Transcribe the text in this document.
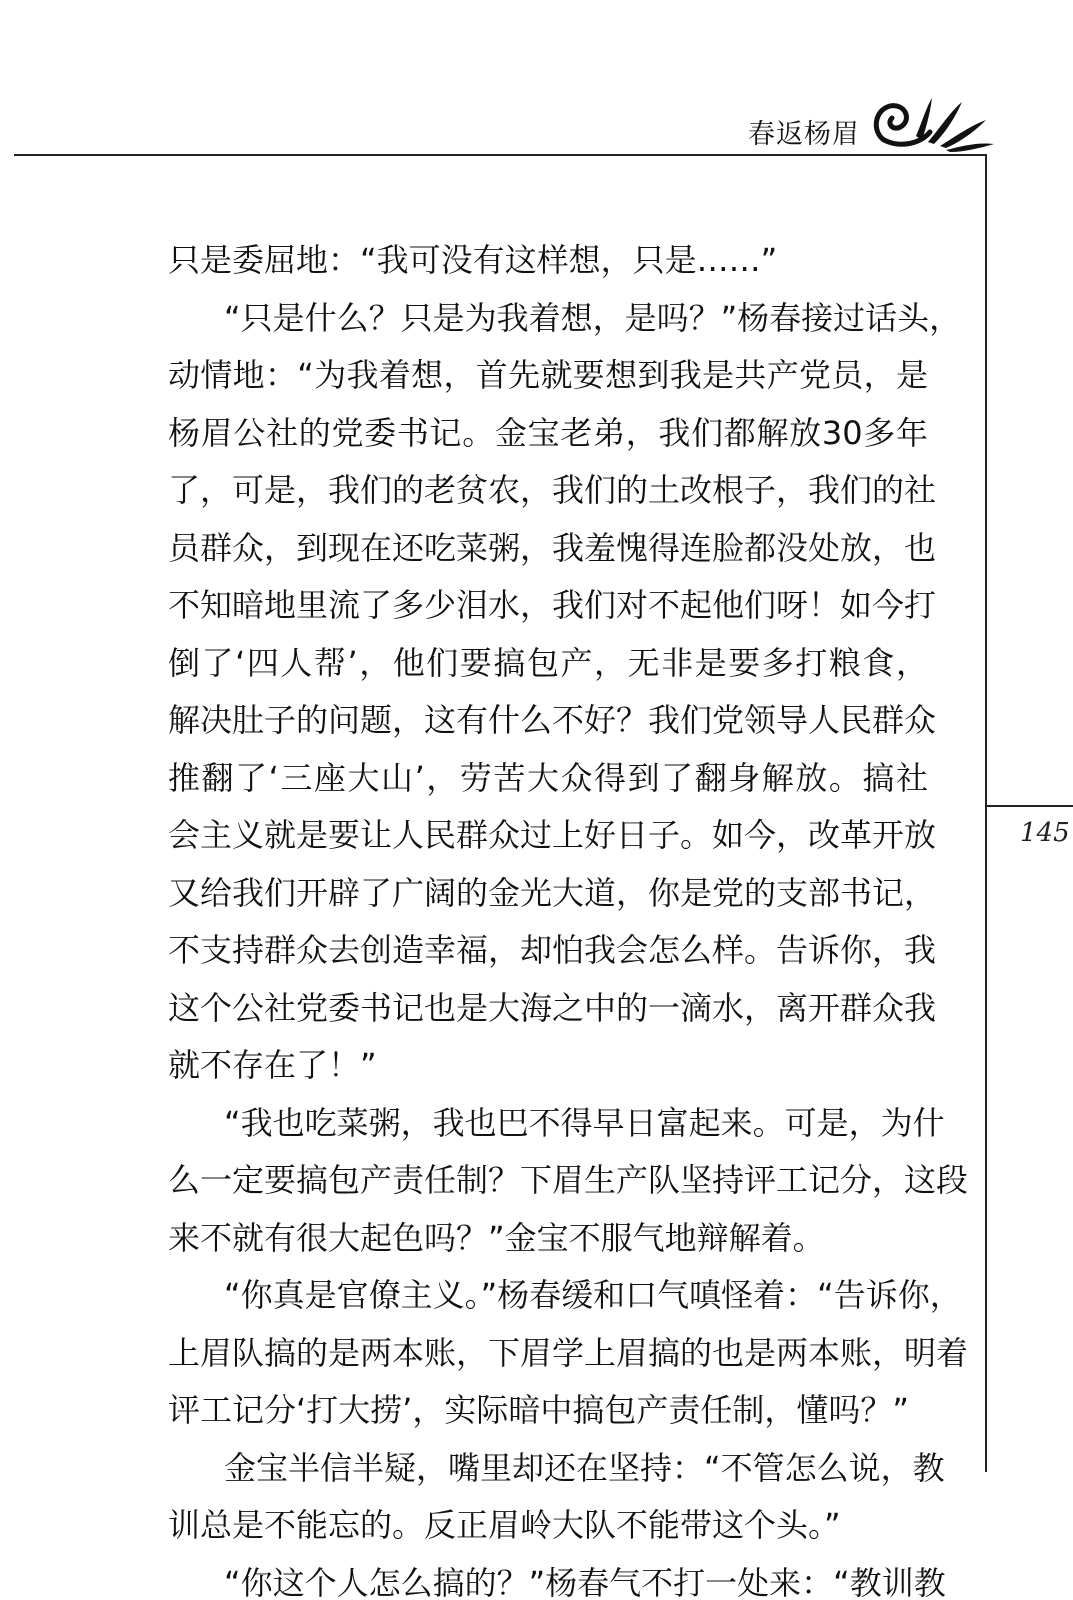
春返杨眉
145
只是委屈地：“我可没有这样想，只是……”
“只是什么？只是为我着想，是吗？”杨春接过话头，
动情地：“为我着想，首先就要想到我是共产党员，是
杨眉公社的党委书记。金宝老弟，我们都解放30多年
了，可是，我们的老贫农，我们的土改根子，我们的社
员群众，到现在还吃菜粥，我羞愧得连脸都没处放，也
不知暗地里流了多少泪水，我们对不起他们呀！如今打
倒了‘四人帮’，他们要搞包产，无非是要多打粮食，
解决肚子的问题，这有什么不好？我们党领导人民群众
推翻了‘三座大山’，劳苦大众得到了翻身解放。搞社
会主义就是要让人民群众过上好日子。如今，改革开放
又给我们开辟了广阔的金光大道，你是党的支部书记，
不支持群众去创造幸福，却怕我会怎么样。告诉你，我
这个公社党委书记也是大海之中的一滴水，离开群众我
就不存在了！”
“我也吃菜粥，我也巴不得早日富起来。可是，为什
么一定要搞包产责任制？下眉生产队坚持评工记分，这段
来不就有很大起色吗？”金宝不服气地辩解着。
“你真是官僚主义。”杨春缓和口气嗔怪着：“告诉你，
上眉队搞的是两本账，下眉学上眉搞的也是两本账，明着
评工记分‘打大捞’，实际暗中搞包产责任制，懂吗？”
金宝半信半疑，嘴里却还在坚持：“不管怎么说，教
训总是不能忘的。反正眉岭大队不能带这个头。”
“你这个人怎么搞的？”杨春气不打一处来：“教训教
